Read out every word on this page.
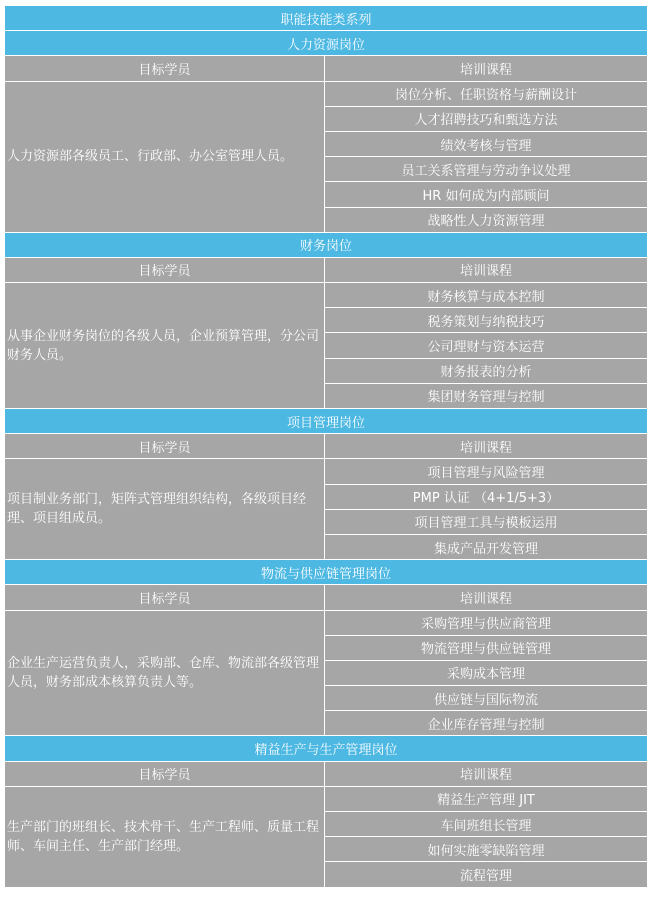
职能技能类系列	
人力资源岗位	
目标学员	培训课程
人力资源部各级员工、行政部、办公室管理人员。	岗位分析、任职资格与薪酬设计
	人才招聘技巧和甄选方法
	绩效考核与管理
	员工关系管理与劳动争议处理
	HR 如何成为内部顾问
	战略性人力资源管理
财务岗位	
目标学员	培训课程
从事企业财务岗位的各级人员，企业预算管理，分公司财务人员。	财务核算与成本控制
	税务策划与纳税技巧
	公司理财与资本运营
	财务报表的分析
	集团财务管理与控制
项目管理岗位	
目标学员	培训课程
项目制业务部门，矩阵式管理组织结构，各级项目经理、项目组成员。	项目管理与风险管理
	PMP 认证 （4+1/5+3）
	项目管理工具与模板运用
	集成产品开发管理
物流与供应链管理岗位	
目标学员	培训课程
企业生产运营负责人，采购部、仓库、物流部各级管理人员，财务部成本核算负责人等。	采购管理与供应商管理
	物流管理与供应链管理
	采购成本管理
	供应链与国际物流
	企业库存管理与控制
精益生产与生产管理岗位	
目标学员	培训课程
生产部门的班组长、技术骨干、生产工程师、质量工程师、车间主任、生产部门经理。	精益生产管理 JIT
	车间班组长管理
	如何实施零缺陷管理
	流程管理
